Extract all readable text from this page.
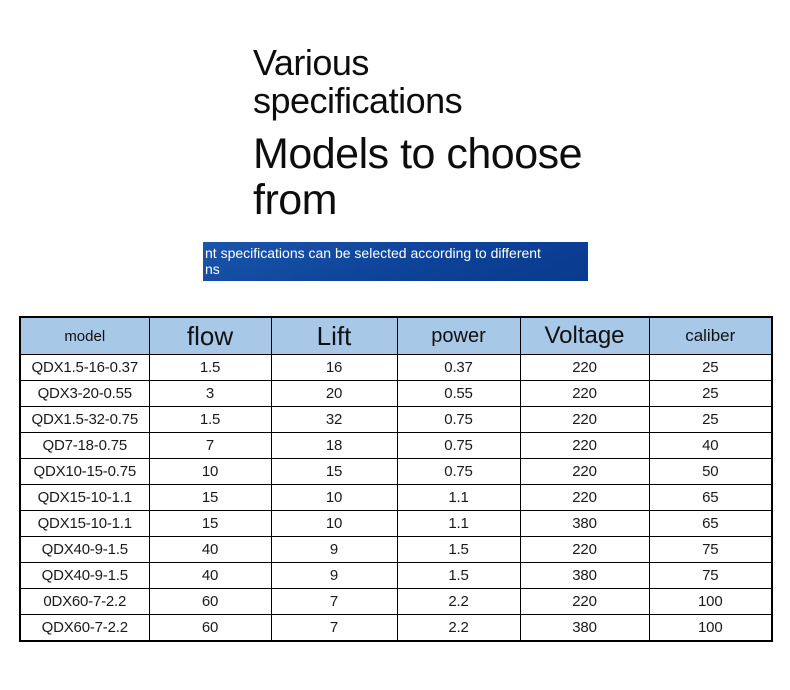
Various specifications
Models to choose from
nt specifications can be selected according to different
ns
model	flow	Lift	power	Voltage	caliber
QDX1.5-16-0.37	1.5	16	0.37	220	25
QDX3-20-0.55	3	20	0.55	220	25
QDX1.5-32-0.75	1.5	32	0.75	220	25
QD7-18-0.75	7	18	0.75	220	40
QDX10-15-0.75	10	15	0.75	220	50
QDX15-10-1.1	15	10	1.1	220	65
QDX15-10-1.1	15	10	1.1	380	65
QDX40-9-1.5	40	9	1.5	220	75
QDX40-9-1.5	40	9	1.5	380	75
0DX60-7-2.2	60	7	2.2	220	100
QDX60-7-2.2	60	7	2.2	380	100
